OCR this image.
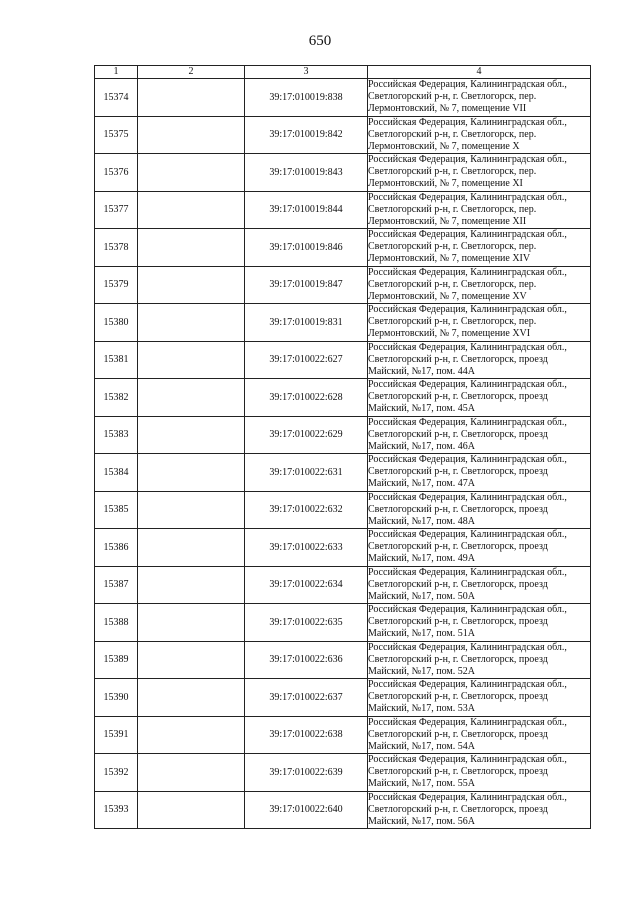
650
1	2	3	4
15374		39:17:010019:838	Российская Федерация, Калининградская обл., Светлогорский р-н, г. Светлогорск, пер. Лермонтовский, № 7, помещение VII
15375		39:17:010019:842	Российская Федерация, Калининградская обл., Светлогорский р-н, г. Светлогорск, пер. Лермонтовский, № 7, помещение X
15376		39:17:010019:843	Российская Федерация, Калининградская обл., Светлогорский р-н, г. Светлогорск, пер. Лермонтовский, № 7, помещение XI
15377		39:17:010019:844	Российская Федерация, Калининградская обл., Светлогорский р-н, г. Светлогорск, пер. Лермонтовский, № 7, помещение XII
15378		39:17:010019:846	Российская Федерация, Калининградская обл., Светлогорский р-н, г. Светлогорск, пер. Лермонтовский, № 7, помещение XIV
15379		39:17:010019:847	Российская Федерация, Калининградская обл., Светлогорский р-н, г. Светлогорск, пер. Лермонтовский, № 7, помещение XV
15380		39:17:010019:831	Российская Федерация, Калининградская обл., Светлогорский р-н, г. Светлогорск, пер. Лермонтовский, № 7, помещение XVI
15381		39:17:010022:627	Российская Федерация, Калининградская обл., Светлогорский р-н, г. Светлогорск, проезд Майский, №17, пом. 44А
15382		39:17:010022:628	Российская Федерация, Калининградская обл., Светлогорский р-н, г. Светлогорск, проезд Майский, №17, пом. 45А
15383		39:17:010022:629	Российская Федерация, Калининградская обл., Светлогорский р-н, г. Светлогорск, проезд Майский, №17, пом. 46А
15384		39:17:010022:631	Российская Федерация, Калининградская обл., Светлогорский р-н, г. Светлогорск, проезд Майский, №17, пом. 47А
15385		39:17:010022:632	Российская Федерация, Калининградская обл., Светлогорский р-н, г. Светлогорск, проезд Майский, №17, пом. 48А
15386		39:17:010022:633	Российская Федерация, Калининградская обл., Светлогорский р-н, г. Светлогорск, проезд Майский, №17, пом. 49А
15387		39:17:010022:634	Российская Федерация, Калининградская обл., Светлогорский р-н, г. Светлогорск, проезд Майский, №17, пом. 50А
15388		39:17:010022:635	Российская Федерация, Калининградская обл., Светлогорский р-н, г. Светлогорск, проезд Майский, №17, пом. 51А
15389		39:17:010022:636	Российская Федерация, Калининградская обл., Светлогорский р-н, г. Светлогорск, проезд Майский, №17, пом. 52А
15390		39:17:010022:637	Российская Федерация, Калининградская обл., Светлогорский р-н, г. Светлогорск, проезд Майский, №17, пом. 53А
15391		39:17:010022:638	Российская Федерация, Калининградская обл., Светлогорский р-н, г. Светлогорск, проезд Майский, №17, пом. 54А
15392		39:17:010022:639	Российская Федерация, Калининградская обл., Светлогорский р-н, г. Светлогорск, проезд Майский, №17, пом. 55А
15393		39:17:010022:640	Российская Федерация, Калининградская обл., Светлогорский р-н, г. Светлогорск, проезд Майский, №17, пом. 56А
